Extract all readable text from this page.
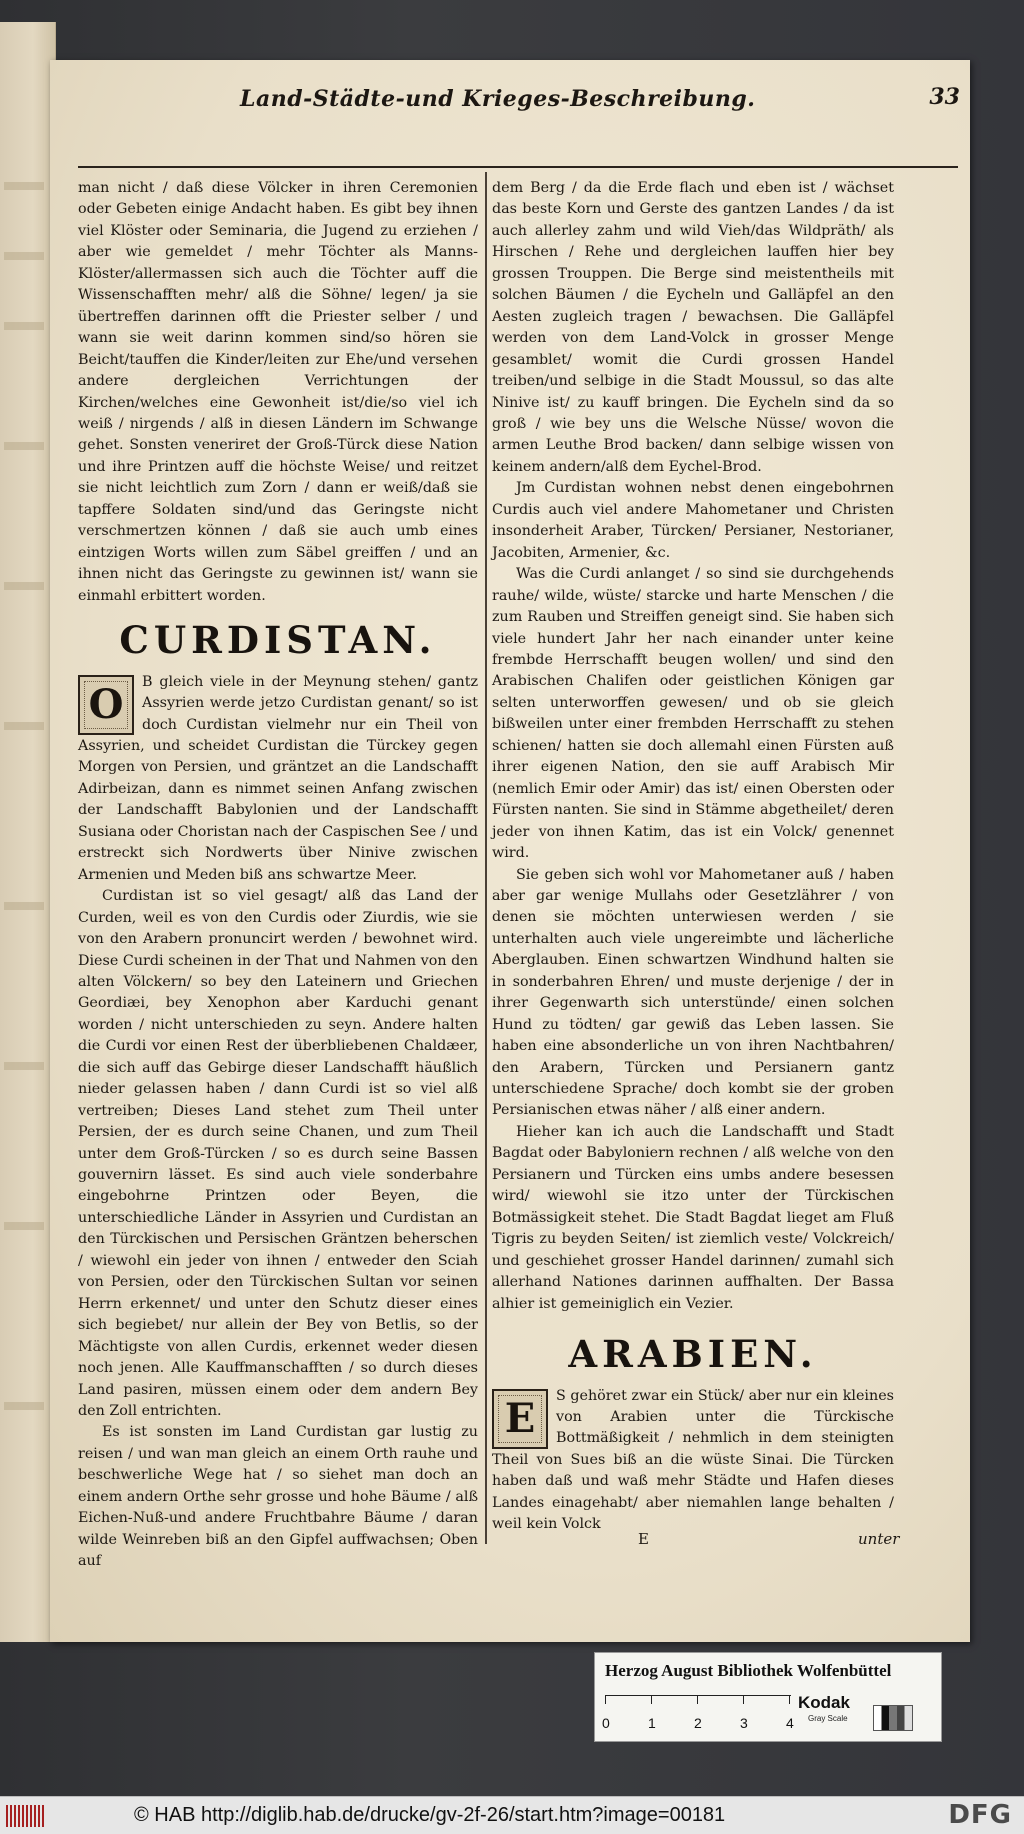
Land-Städte-und Krieges-Beschreibung.	33

man nicht / daß diese Völcker in ihren Ceremonien oder Gebeten einige Andacht haben. Es gibt bey ihnen viel Klöster oder Seminaria, die Jugend zu erziehen / aber wie gemeldet / mehr Töchter als Manns-Klöster/allermassen sich auch die Töchter auff die Wissenschafften mehr/ alß die Söhne/ legen/ ja sie übertreffen darinnen offt die Priester selber / und wann sie weit darinn kommen sind/so hören sie Beicht/tauffen die Kinder/leiten zur Ehe/und versehen andere dergleichen Verrichtungen der Kirchen/welches eine Gewonheit ist/die/so viel ich weiß / nirgends / alß in diesen Ländern im Schwange gehet. Sonsten veneriret der Groß-Türck diese Nation und ihre Printzen auff die höchste Weise/ und reitzet sie nicht leichtlich zum Zorn / dann er weiß/daß sie tapffere Soldaten sind/und das Geringste nicht verschmertzen können / daß sie auch umb eines eintzigen Worts willen zum Säbel greiffen / und an ihnen nicht das Geringste zu gewinnen ist/ wann sie einmahl erbittert worden.

CURDISTAN.
O	B gleich viele in der Meynung stehen/ gantz Assyrien werde jetzo Curdistan genant/ so ist doch Curdistan vielmehr nur ein Theil von Assyrien, und scheidet Curdistan die Türckey gegen Morgen von Persien, und gräntzet an die Landschafft Adirbeizan, dann es nimmet seinen Anfang zwischen der Landschafft Babylonien und der Landschafft Susiana oder Choristan nach der Caspischen See / und erstreckt sich Nordwerts über Ninive zwischen Armenien und Meden biß ans schwartze Meer.

Curdistan ist so viel gesagt/ alß das Land der Curden, weil es von den Curdis oder Ziurdis, wie sie von den Arabern pronuncirt werden / bewohnet wird. Diese Curdi scheinen in der That und Nahmen von den alten Völckern/ so bey den Lateinern und Griechen Geordiæi, bey Xenophon aber Karduchi genant worden / nicht unterschieden zu seyn. Andere halten die Curdi vor einen Rest der überbliebenen Chaldæer, die sich auff das Gebirge dieser Landschafft häußlich nieder gelassen haben / dann Curdi ist so viel alß vertreiben; Dieses Land stehet zum Theil unter Persien, der es durch seine Chanen, und zum Theil unter dem Groß-Türcken / so es durch seine Bassen gouvernirn lässet. Es sind auch viele sonderbahre eingebohrne Printzen oder Beyen, die unterschiedliche Länder in Assyrien und Curdistan an den Türckischen und Persischen Gräntzen beherschen / wiewohl ein jeder von ihnen / entweder den Sciah von Persien, oder den Türckischen Sultan vor seinen Herrn erkennet/ und unter den Schutz dieser eines sich begiebet/ nur allein der Bey von Betlis, so der Mächtigste von allen Curdis, erkennet weder diesen noch jenen. Alle Kauffmanschafften / so durch dieses Land pasiren, müssen einem oder dem andern Bey den Zoll entrichten.

Es ist sonsten im Land Curdistan gar lustig zu reisen / und wan man gleich an einem Orth rauhe und beschwerliche Wege hat / so siehet man doch an einem andern Orthe sehr grosse und hohe Bäume / alß Eichen-Nuß-und andere Fruchtbahre Bäume / daran wilde Weinreben biß an den Gipfel auffwachsen; Oben auf

dem Berg / da die Erde flach und eben ist / wächset das beste Korn und Gerste des gantzen Landes / da ist auch allerley zahm und wild Vieh/das Wildpräth/ als Hirschen / Rehe und dergleichen lauffen hier bey grossen Trouppen. Die Berge sind meistentheils mit solchen Bäumen / die Eycheln und Galläpfel an den Aesten zugleich tragen / bewachsen. Die Galläpfel werden von dem Land-Volck in grosser Menge gesamblet/ womit die Curdi grossen Handel treiben/und selbige in die Stadt Moussul, so das alte Ninive ist/ zu kauff bringen. Die Eycheln sind da so groß / wie bey uns die Welsche Nüsse/ wovon die armen Leuthe Brod backen/ dann selbige wissen von keinem andern/alß dem Eychel-Brod.

Jm Curdistan wohnen nebst denen eingebohrnen Curdis auch viel andere Mahometaner und Christen insonderheit Araber, Türcken/ Persianer, Nestorianer, Jacobiten, Armenier, &c.

Was die Curdi anlanget / so sind sie durchgehends rauhe/ wilde, wüste/ starcke und harte Menschen / die zum Rauben und Streiffen geneigt sind. Sie haben sich viele hundert Jahr her nach einander unter keine frembde Herrschafft beugen wollen/ und sind den Arabischen Chalifen oder geistlichen Königen gar selten unterworffen gewesen/ und ob sie gleich bißweilen unter einer frembden Herrschafft zu stehen schienen/ hatten sie doch allemahl einen Fürsten auß ihrer eigenen Nation, den sie auff Arabisch Mir (nemlich Emir oder Amir) das ist/ einen Obersten oder Fürsten nanten. Sie sind in Stämme abgetheilet/ deren jeder von ihnen Katim, das ist ein Volck/ genennet wird.

Sie geben sich wohl vor Mahometaner auß / haben aber gar wenige Mullahs oder Gesetzlährer / von denen sie möchten unterwiesen werden / sie unterhalten auch viele ungereimbte und lächerliche Aberglauben. Einen schwartzen Windhund halten sie in sonderbahren Ehren/ und muste derjenige / der in ihrer Gegenwarth sich unterstünde/ einen solchen Hund zu tödten/ gar gewiß das Leben lassen. Sie haben eine absonderliche un von ihren Nachtbahren/ den Arabern, Türcken und Persianern gantz unterschiedene Sprache/ doch kombt sie der groben Persianischen etwas näher / alß einer andern.

Hieher kan ich auch die Landschafft und Stadt Bagdat oder Babyloniern rechnen / alß welche von den Persianern und Türcken eins umbs andere besessen wird/ wiewohl sie itzo unter der Türckischen Botmässigkeit stehet. Die Stadt Bagdat lieget am Fluß Tigris zu beyden Seiten/ ist ziemlich veste/ Volckreich/ und geschiehet grosser Handel darinnen/ zumahl sich allerhand Nationes darinnen auffhalten. Der Bassa alhier ist gemeiniglich ein Vezier.

ARABIEN.
E	S gehöret zwar ein Stück/ aber nur ein kleines von Arabien unter die Türckische Bottmäßigkeit / nehmlich in dem steinigten Theil von Sues biß an die wüste Sinai. Die Türcken haben daß und waß mehr Städte und Hafen dieses Landes einagehabt/ aber niemahlen lange behalten / weil kein Volck

E	unter
Herzog August Bibliothek Wolfenbüttel
0	1	2	3	4
Kodak
Gray Scale
© HAB http://diglib.hab.de/drucke/gv-2f-26/start.htm?image=00181	DFG
